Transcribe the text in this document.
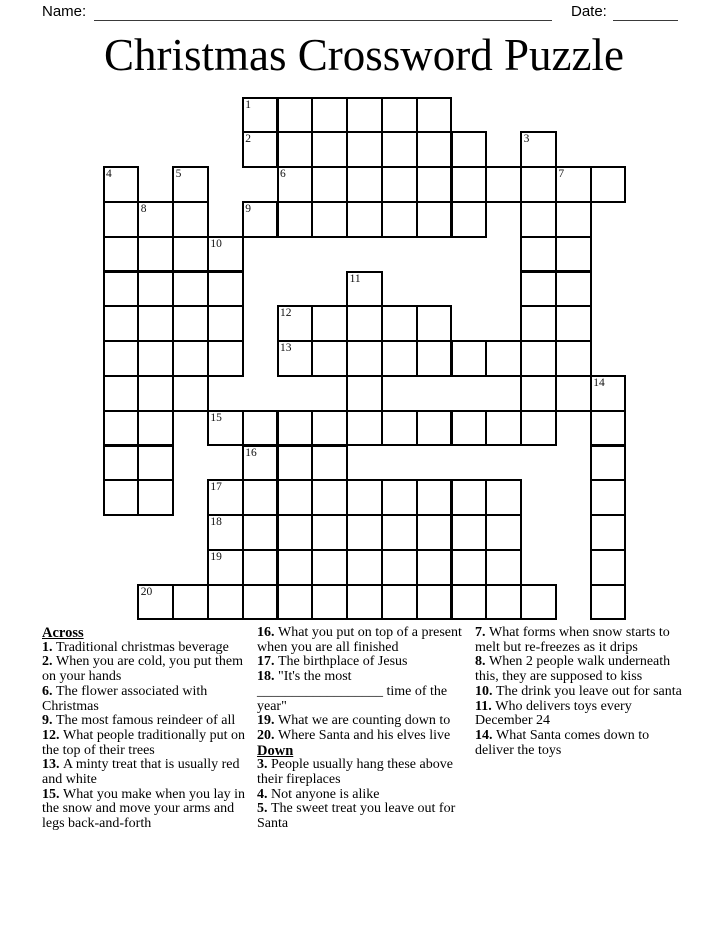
Name:	Date:
Christmas Crossword Puzzle
1
2	3
4	5	6	7
8	9
10
11
12
13
14
15
16
17
18
19
20
Across

1. Traditional christmas beverage

2. When you are cold, you put them on your hands

6. The flower associated with Christmas

9. The most famous reindeer of all

12. What people traditionally put on the top of their trees

13. A minty treat that is usually red and white

15. What you make when you lay in the snow and move your arms and legs back-and-forth

16. What you put on top of a present when you are all finished

17. The birthplace of Jesus

18. "It's the most __________________ time of the year"

19. What we are counting down to

20. Where Santa and his elves live

Down

3. People usually hang these above their fireplaces

4. Not anyone is alike

5. The sweet treat you leave out for Santa

7. What forms when snow starts to melt but re-freezes as it drips

8. When 2 people walk underneath this, they are supposed to kiss

10. The drink you leave out for santa

11. Who delivers toys every December 24

14. What Santa comes down to deliver the toys
